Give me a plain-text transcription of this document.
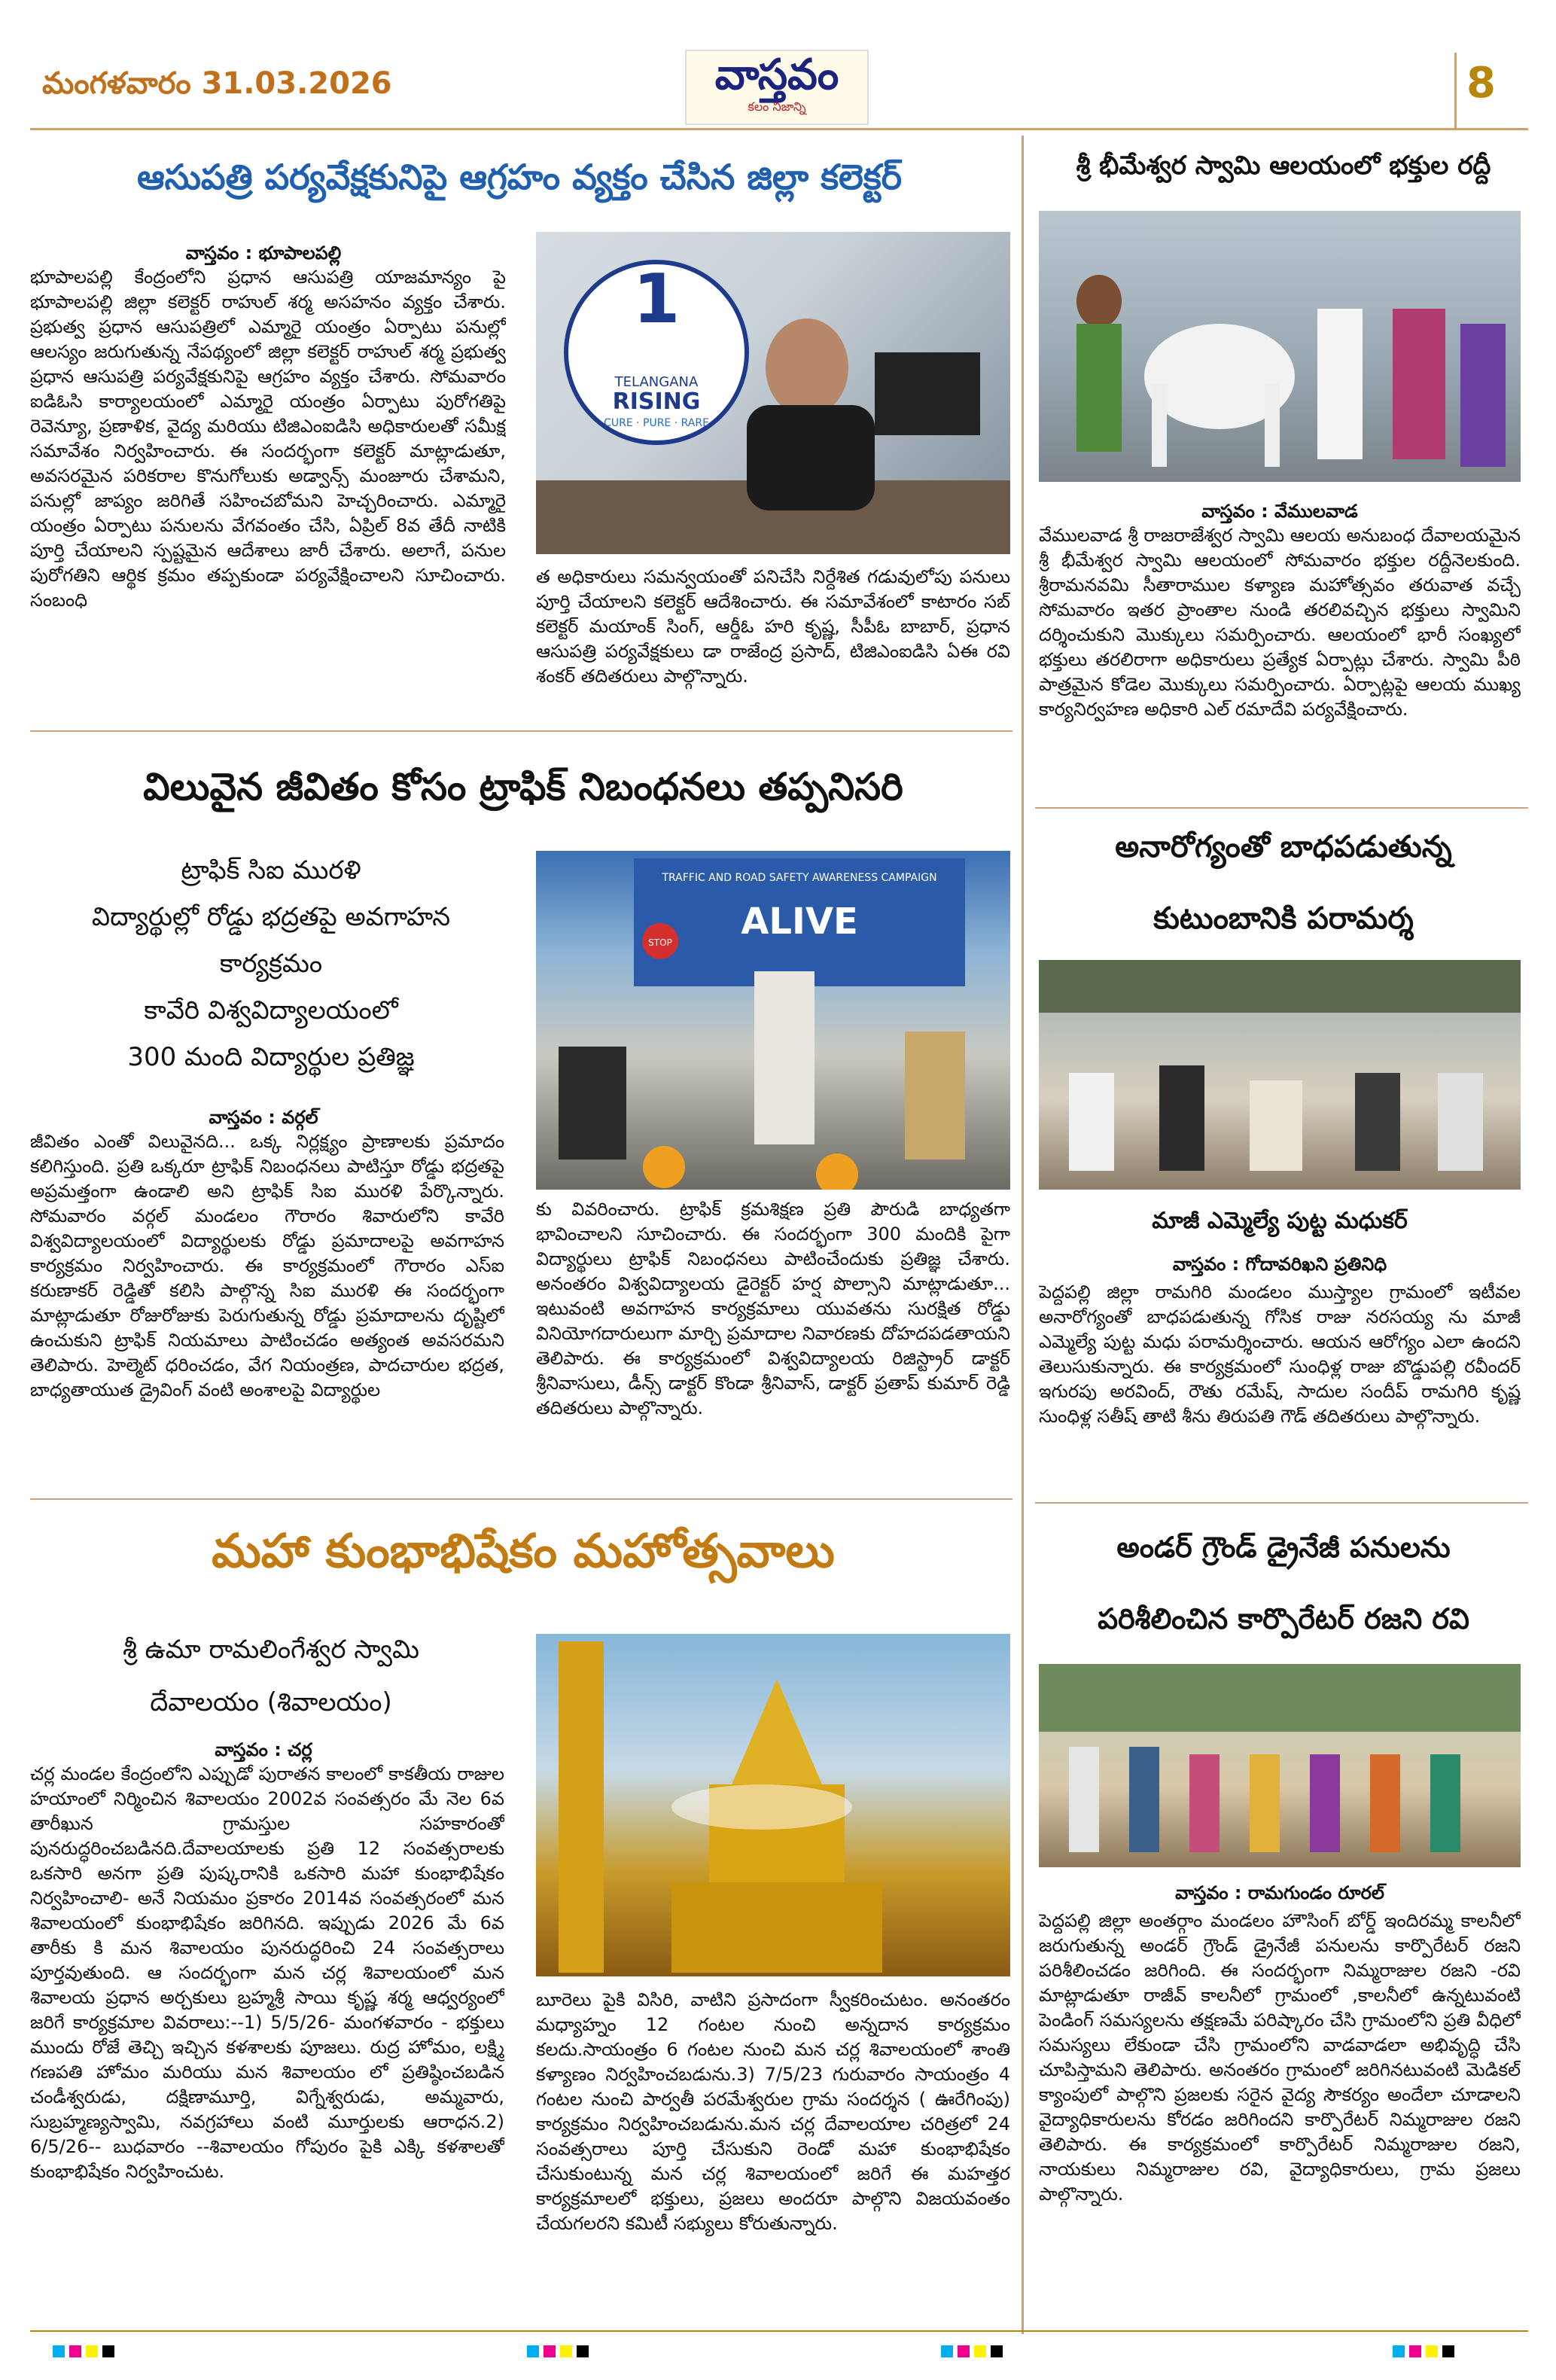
మంగళవారం 31.03.2026	వాస్తవం
కలం నిజాన్ని	8
ఆసుపత్రి పర్యవేక్షకునిపై ఆగ్రహం వ్యక్తం చేసిన జిల్లా కలెక్టర్
వాస్తవం : భూపాలపల్లి
భూపాలపల్లి కేంద్రంలోని ప్రధాన ఆసుపత్రి యాజమాన్యం పై భూపాలపల్లి జిల్లా కలెక్టర్ రాహుల్ శర్మ అసహనం వ్యక్తం చేశారు. ప్రభుత్వ ప్రధాన ఆసుపత్రిలో ఎమ్మారై యంత్రం ఏర్పాటు పనుల్లో ఆలస్యం జరుగుతున్న నేపథ్యంలో జిల్లా కలెక్టర్ రాహుల్ శర్మ ప్రభుత్వ ప్రధాన ఆసుపత్రి పర్యవేక్షకునిపై ఆగ్రహం వ్యక్తం చేశారు. సోమవారం ఐడిఓసి కార్యాలయంలో ఎమ్మారై యంత్రం ఏర్పాటు పురోగతిపై రెవెన్యూ, ప్రణాళిక, వైద్య మరియు టిజిఎంఐడిసి అధికారులతో సమీక్ష సమావేశం నిర్వహించారు. ఈ సందర్భంగా కలెక్టర్ మాట్లాడుతూ, అవసరమైన పరికరాల కొనుగోలుకు అడ్వాన్స్ మంజూరు చేశామని, పనుల్లో జాప్యం జరిగితే సహించబోమని హెచ్చరించారు. ఎమ్మారై యంత్రం ఏర్పాటు పనులను వేగవంతం చేసి, ఏప్రిల్ 8వ తేదీ నాటికి పూర్తి చేయాలని స్పష్టమైన ఆదేశాలు జారీ చేశారు. అలాగే, పనుల పురోగతిని ఆర్థిక క్రమం తప్పకుండా పర్యవేక్షించాలని సూచించారు. సంబంధి
1
TELANGANA
RISING
CURE · PURE · RARE
త అధికారులు సమన్వయంతో పనిచేసి నిర్దేశిత గడువులోపు పనులు పూర్తి చేయాలని కలెక్టర్ ఆదేశించారు. ఈ సమావేశంలో కాటారం సబ్ కలెక్టర్ మయాంక్ సింగ్, ఆర్డీఓ హరి కృష్ణ, సీపీఓ బాబార్, ప్రధాన ఆసుపత్రి పర్యవేక్షకులు డా రాజేంద్ర ప్రసాద్, టిజిఎంఐడిసి ఏఈ రవి శంకర్ తదితరులు పాల్గొన్నారు.
శ్రీ భీమేశ్వర స్వామి ఆలయంలో భక్తుల రద్దీ
వాస్తవం : వేములవాడ
వేములవాడ శ్రీ రాజరాజేశ్వర స్వామి ఆలయ అనుబంధ దేవాలయమైన శ్రీ భీమేశ్వర స్వామి ఆలయంలో సోమవారం భక్తుల రద్దీనెలకుంది. శ్రీరామనవమి సీతారాముల కళ్యాణ మహోత్సవం తరువాత వచ్చే సోమవారం ఇతర ప్రాంతాల నుండి తరలివచ్చిన భక్తులు స్వామిని దర్శించుకుని మొక్కులు సమర్పించారు. ఆలయంలో భారీ సంఖ్యలో భక్తులు తరలిరాగా అధికారులు ప్రత్యేక ఏర్పాట్లు చేశారు. స్వామి పీఠి పాత్రమైన కోడెల మొక్కులు సమర్పించారు. ఏర్పాట్లపై ఆలయ ముఖ్య కార్యనిర్వహణ అధికారి ఎల్ రమాదేవి పర్యవేక్షించారు.
విలువైన జీవితం కోసం ట్రాఫిక్ నిబంధనలు తప్పనిసరి
ట్రాఫిక్ సిఐ మురళి
విద్యార్థుల్లో రోడ్డు భద్రతపై అవగాహన
కార్యక్రమం
కావేరి విశ్వవిద్యాలయంలో
300 మంది విద్యార్థుల ప్రతిజ్ఞ
వాస్తవం : వర్గల్
జీవితం ఎంతో విలువైనది... ఒక్క నిర్లక్ష్యం ప్రాణాలకు ప్రమాదం కలిగిస్తుంది. ప్రతి ఒక్కరూ ట్రాఫిక్ నిబంధనలు పాటిస్తూ రోడ్డు భద్రతపై అప్రమత్తంగా ఉండాలి అని ట్రాఫిక్ సిఐ మురళి పేర్కొన్నారు. సోమవారం వర్గల్ మండలం గౌరారం శివారులోని కావేరి విశ్వవిద్యాలయంలో విద్యార్థులకు రోడ్డు ప్రమాదాలపై అవగాహన కార్యక్రమం నిర్వహించారు. ఈ కార్యక్రమంలో గౌరారం ఎస్ఐ కరుణాకర్ రెడ్డితో కలిసి పాల్గొన్న సిఐ మురళి ఈ సందర్భంగా మాట్లాడుతూ రోజురోజుకు పెరుగుతున్న రోడ్డు ప్రమాదాలను దృష్టిలో ఉంచుకుని ట్రాఫిక్ నియమాలు పాటించడం అత్యంత అవసరమని తెలిపారు. హెల్మెట్ ధరించడం, వేగ నియంత్రణ, పాదచారుల భద్రత, బాధ్యతాయుత డ్రైవింగ్ వంటి అంశాలపై విద్యార్థుల
TRAFFIC AND ROAD SAFETY AWARENESS CAMPAIGN
ALIVE
STOP
కు వివరించారు. ట్రాఫిక్ క్రమశిక్షణ ప్రతి పౌరుడి బాధ్యతగా భావించాలని సూచించారు. ఈ సందర్భంగా 300 మందికి పైగా విద్యార్థులు ట్రాఫిక్ నిబంధనలు పాటించేందుకు ప్రతిజ్ఞ చేశారు. అనంతరం విశ్వవిద్యాలయ డైరెక్టర్ హర్ష పొల్సాని మాట్లాడుతూ... ఇటువంటి అవగాహన కార్యక్రమాలు యువతను సురక్షిత రోడ్డు వినియోగదారులుగా మార్చి ప్రమాదాల నివారణకు దోహదపడతాయని తెలిపారు. ఈ కార్యక్రమంలో విశ్వవిద్యాలయ రిజిస్ట్రార్ డాక్టర్ శ్రీనివాసులు, డీన్స్ డాక్టర్ కొండా శ్రీనివాస్, డాక్టర్ ప్రతాప్ కుమార్ రెడ్డి తదితరులు పాల్గొన్నారు.
అనారోగ్యంతో బాధపడుతున్న
కుటుంబానికి పరామర్శ
మాజీ ఎమ్మెల్యే పుట్ట మధుకర్
వాస్తవం : గోదావరిఖని ప్రతినిధి
పెద్దపల్లి జిల్లా రామగిరి మండలం ముస్త్యాల గ్రామంలో ఇటీవల అనారోగ్యంతో బాధపడుతున్న గోసిక రాజు నరసయ్య ను మాజీ ఎమ్మెల్యే పుట్ట మధు పరామర్శించారు. ఆయన ఆరోగ్యం ఎలా ఉందని తెలుసుకున్నారు. ఈ కార్యక్రమంలో సుంధిళ్ల రాజు బొడ్డుపల్లి రవీందర్ ఇగురపు అరవింద్, రౌతు రమేష్, సాదుల సందీప్ రామగిరి కృష్ణ సుంధిళ్ల సతీష్ తాటి శీను తిరుపతి గౌడ్ తదితరులు పాల్గొన్నారు.
మహా కుంభాభిషేకం మహోత్సవాలు
శ్రీ ఉమా రామలింగేశ్వర స్వామి
దేవాలయం (శివాలయం)
వాస్తవం : చర్ల
చర్ల మండల కేంద్రంలోని ఎప్పుడో పురాతన కాలంలో కాకతీయ రాజుల హయాంలో నిర్మించిన శివాలయం 2002వ సంవత్సరం మే నెల 6వ తారీఖున గ్రామస్తుల సహకారంతో పునరుద్ధరించబడినది.దేవాలయాలకు ప్రతి 12 సంవత్సరాలకు ఒకసారి అనగా ప్రతి పుష్కరానికి ఒకసారి మహా కుంభాభిషేకం నిర్వహించాలి- అనే నియమం ప్రకారం 2014వ సంవత్సరంలో మన శివాలయంలో కుంభాభిషేకం జరిగినది. ఇప్పుడు 2026 మే 6వ తారీకు కి మన శివాలయం పునరుద్ధరించి 24 సంవత్సరాలు పూర్తవుతుంది. ఆ సందర్భంగా మన చర్ల శివాలయంలో మన శివాలయ ప్రధాన అర్చకులు బ్రహ్మశ్రీ సాయి కృష్ణ శర్మ ఆధ్వర్యంలో జరిగే కార్యక్రమాల వివరాలు:--1) 5/5/26- మంగళవారం - భక్తులు ముందు రోజే తెచ్చి ఇచ్చిన కళశాలకు పూజలు. రుద్ర హోమం, లక్ష్మి గణపతి హోమం మరియు మన శివాలయం లో ప్రతిష్ఠించబడిన చండీశ్వరుడు, దక్షిణామూర్తి, విగ్నేశ్వరుడు, అమ్మవారు, సుబ్రహ్మణ్యస్వామి, నవగ్రహాలు వంటి మూర్తులకు ఆరాధన.2) 6/5/26-- బుధవారం --శివాలయం గోపురం పైకి ఎక్కి కళశాలతో కుంభాభిషేకం నిర్వహించుట.
బూరెలు పైకి విసిరి, వాటిని ప్రసాదంగా స్వీకరించుటం. అనంతరం మధ్యాహ్నం 12 గంటల నుంచి అన్నదాన కార్యక్రమం కలదు.సాయంత్రం 6 గంటల నుంచి మన చర్ల శివాలయంలో శాంతి కళ్యాణం నిర్వహించబడును.3) 7/5/23 గురువారం సాయంత్రం 4 గంటల నుంచి పార్వతీ పరమేశ్వరుల గ్రామ సందర్శన ( ఊరేగింపు) కార్యక్రమం నిర్వహించబడును.మన చర్ల దేవాలయాల చరిత్రలో 24 సంవత్సరాలు పూర్తి చేసుకుని రెండో మహా కుంభాభిషేకం చేసుకుంటున్న మన చర్ల శివాలయంలో జరిగే ఈ మహత్తర కార్యక్రమాలలో భక్తులు, ప్రజలు అందరూ పాల్గొని విజయవంతం చేయగలరని కమిటీ సభ్యులు కోరుతున్నారు.
అండర్ గ్రౌండ్ డ్రైనేజీ పనులను
పరిశీలించిన కార్పొరేటర్ రజని రవి
వాస్తవం : రామగుండం రూరల్
పెద్దపల్లి జిల్లా అంతర్గాం మండలం హౌసింగ్ బోర్డ్ ఇందిరమ్మ కాలనీలో జరుగుతున్న అండర్ గ్రౌండ్ డ్రైనేజీ పనులను కార్పొరేటర్ రజని పరిశీలించడం జరిగింది. ఈ సందర్భంగా నిమ్మరాజుల రజని -రవి మాట్లాడుతూ రాజీవ్ కాలనీలో గ్రామంలో ,కాలనీలో ఉన్నటువంటి పెండింగ్ సమస్యలను తక్షణమే పరిష్కారం చేసి గ్రామంలోని ప్రతి వీధిలో సమస్యలు లేకుండా చేసి గ్రామంలోని వాడవాడలా అభివృద్ధి చేసి చూపిస్తామని తెలిపారు. అనంతరం గ్రామంలో జరిగినటువంటి మెడికల్ క్యాంపులో పాల్గొని ప్రజలకు సరైన వైద్య సౌకర్యం అందేలా చూడాలని వైద్యాధికారులను కోరడం జరిగిందని కార్పొరేటర్ నిమ్మరాజుల రజని తెలిపారు. ఈ కార్యక్రమంలో కార్పొరేటర్ నిమ్మరాజుల రజని, నాయకులు నిమ్మరాజుల రవి, వైద్యాధికారులు, గ్రామ ప్రజలు పాల్గొన్నారు.
